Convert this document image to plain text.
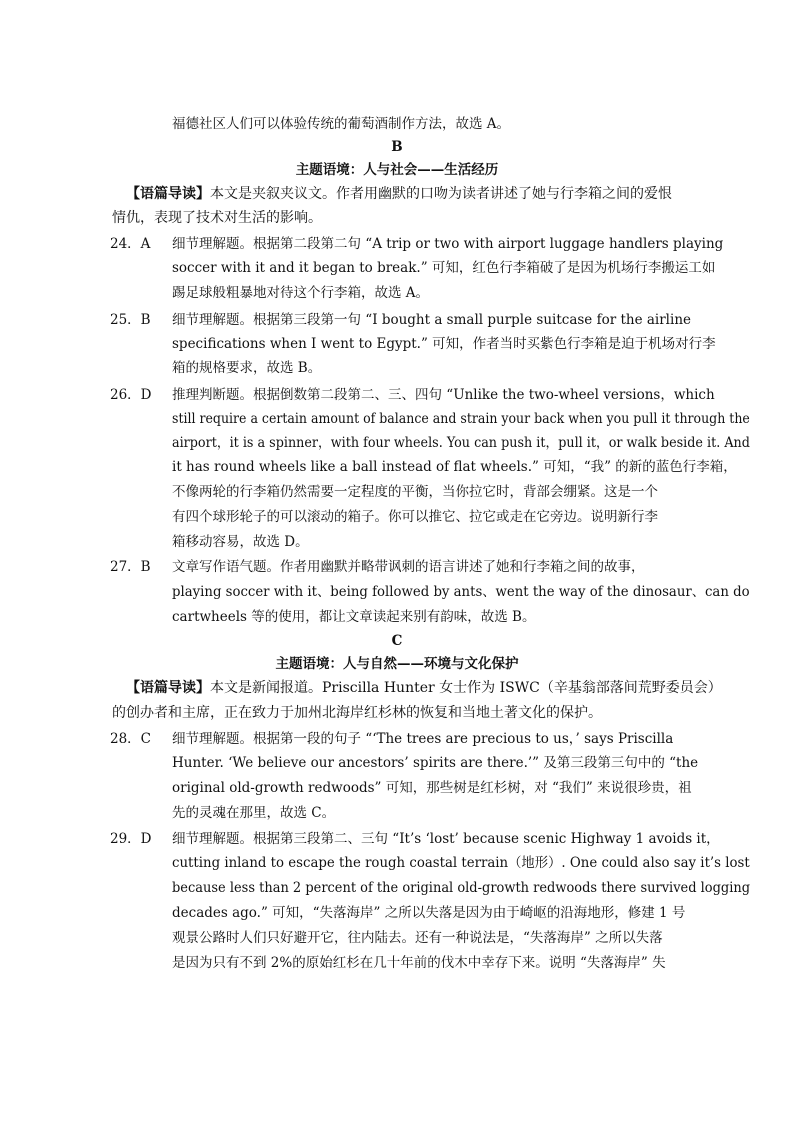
福德社区人们可以体验传统的葡萄酒制作方法，故选 A。
B
主题语境：人与社会——生活经历
【语篇导读】本文是夹叙夹议文。作者用幽默的口吻为读者讲述了她与行李箱之间的爱恨
情仇，表现了技术对生活的影响。
24．A	细节理解题。根据第二段第二句 “A trip or two with airport luggage handlers playing
soccer with it and it began to break.” 可知，红色行李箱破了是因为机场行李搬运工如
踢足球般粗暴地对待这个行李箱，故选 A。
25．B	细节理解题。根据第三段第一句 “I bought a small purple suitcase for the airline
specifications when I went to Egypt.” 可知，作者当时买紫色行李箱是迫于机场对行李
箱的规格要求，故选 B。
26．D	推理判断题。根据倒数第二段第二、三、四句 “Unlike the two-wheel versions，which
still require a certain amount of balance and strain your back when you pull it through the
airport，it is a spinner，with four wheels. You can push it，pull it，or walk beside it. And
it has round wheels like a ball instead of flat wheels.” 可知，“我” 的新的蓝色行李箱，
不像两轮的行李箱仍然需要一定程度的平衡，当你拉它时，背部会绷紧。这是一个
有四个球形轮子的可以滚动的箱子。你可以推它、拉它或走在它旁边。说明新行李
箱移动容易，故选 D。
27．B	文章写作语气题。作者用幽默并略带讽刺的语言讲述了她和行李箱之间的故事，
playing soccer with it、being followed by ants、went the way of the dinosaur、can do
cartwheels 等的使用，都让文章读起来别有韵味，故选 B。
C
主题语境：人与自然——环境与文化保护
【语篇导读】本文是新闻报道。Priscilla Hunter 女士作为 ISWC（辛基翁部落间荒野委员会）
的创办者和主席，正在致力于加州北海岸红杉林的恢复和当地土著文化的保护。
28．C	细节理解题。根据第一段的句子 “‘The trees are precious to us，’ says Priscilla
Hunter. ‘We believe our ancestors’ spirits are there.’” 及第三段第三句中的 “the
original old-growth redwoods” 可知，那些树是红杉树，对 “我们” 来说很珍贵，祖
先的灵魂在那里，故选 C。
29．D	细节理解题。根据第三段第二、三句 “It’s ‘lost’ because scenic Highway 1 avoids it，
cutting inland to escape the rough coastal terrain（地形）. One could also say it’s lost
because less than 2 percent of the original old-growth redwoods there survived logging
decades ago.” 可知，“失落海岸” 之所以失落是因为由于崎岖的沿海地形，修建 1 号
观景公路时人们只好避开它，往内陆去。还有一种说法是，“失落海岸” 之所以失落
是因为只有不到 2%的原始红杉在几十年前的伐木中幸存下来。说明 “失落海岸” 失
